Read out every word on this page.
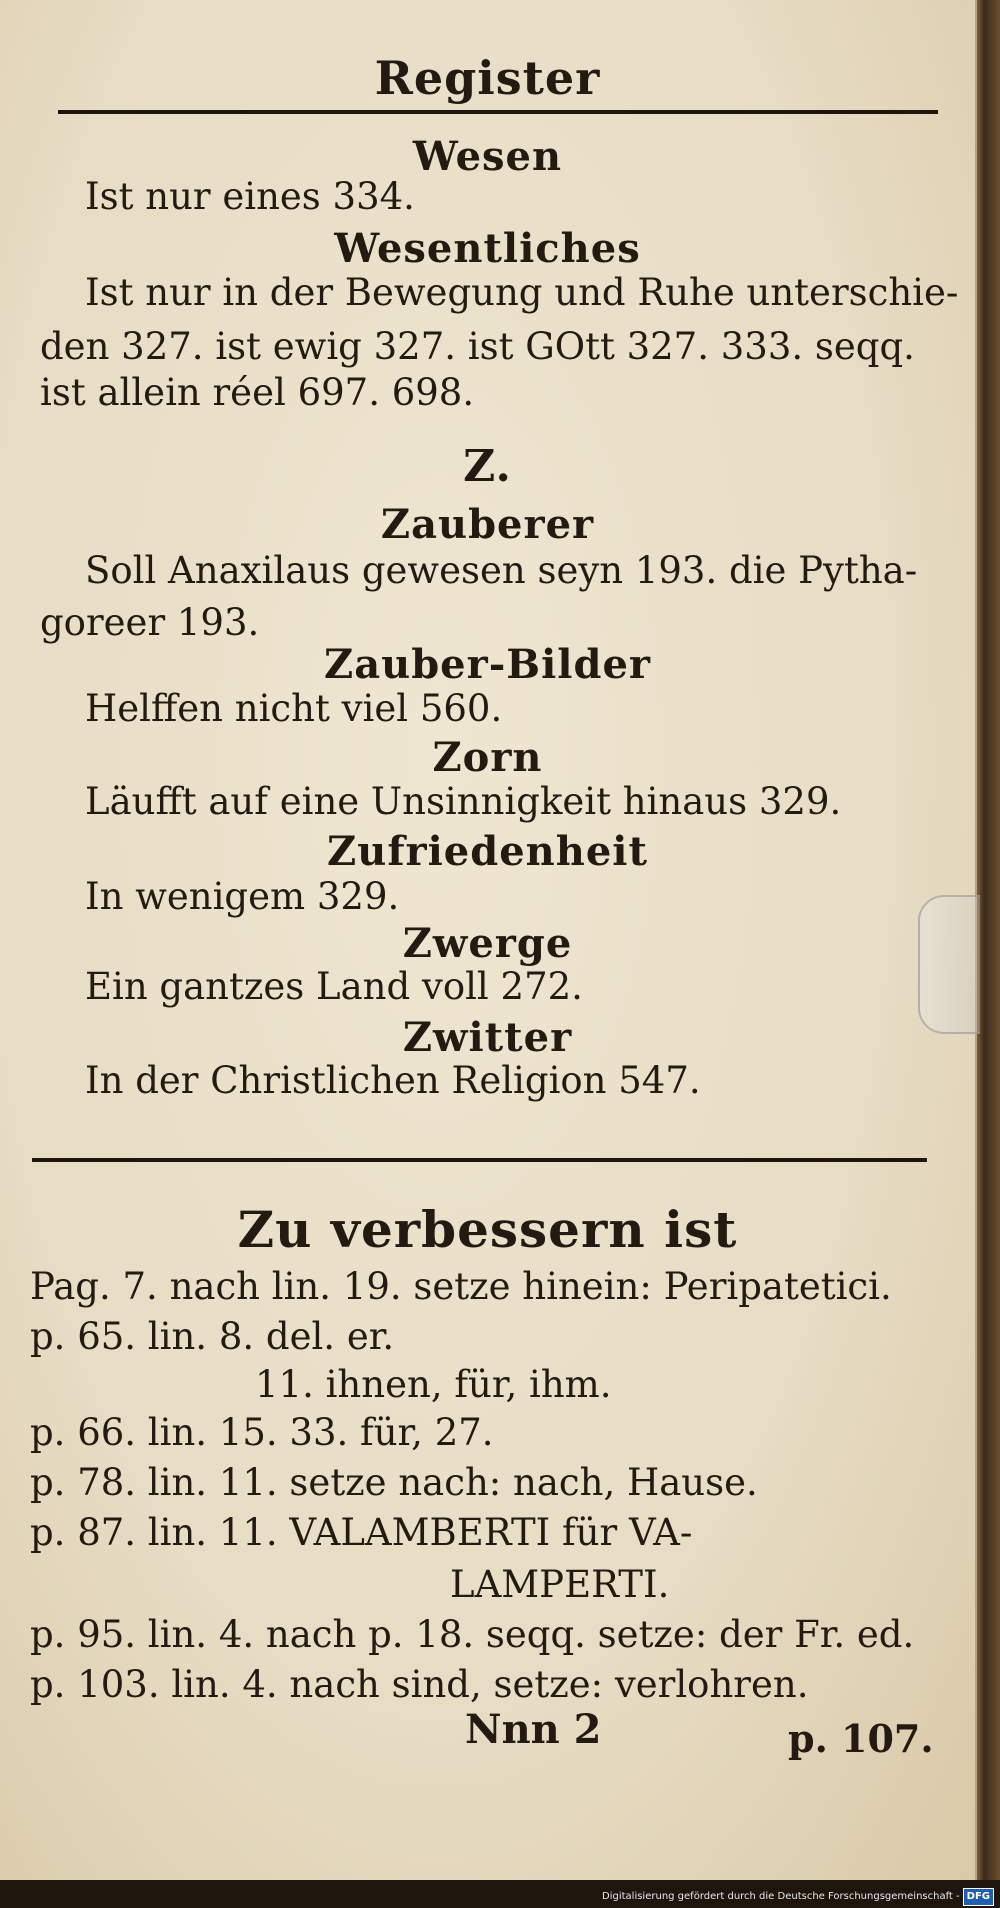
Register
Wesen
Ist nur eines 334.
Wesentliches
Ist nur in der Bewegung und Ruhe unterschie-
den 327. ist ewig 327. ist GOtt 327. 333. seqq.
ist allein réel 697. 698.
Z.
Zauberer
Soll Anaxilaus gewesen seyn 193. die Pytha-
goreer 193.
Zauber-Bilder
Helffen nicht viel 560.
Zorn
Läufft auf eine Unsinnigkeit hinaus 329.
Zufriedenheit
In wenigem 329.
Zwerge
Ein gantzes Land voll 272.
Zwitter
In der Christlichen Religion 547.
Zu verbessern ist
Pag. 7. nach lin. 19. setze hinein: Peripatetici.
p. 65. lin. 8. del. er.
11. ihnen, für, ihm.
p. 66. lin. 15. 33. für, 27.
p. 78. lin. 11. setze nach: nach, Hause.
p. 87. lin. 11. VALAMBERTI für VA-
LAMPERTI.
p. 95. lin. 4. nach p. 18. seqq. setze: der Fr. ed.
p. 103. lin. 4. nach sind, setze: verlohren.
Nnn 2	p. 107.
Digitalisierung gefördert durch die Deutsche Forschungsgemeinschaft - DFG
